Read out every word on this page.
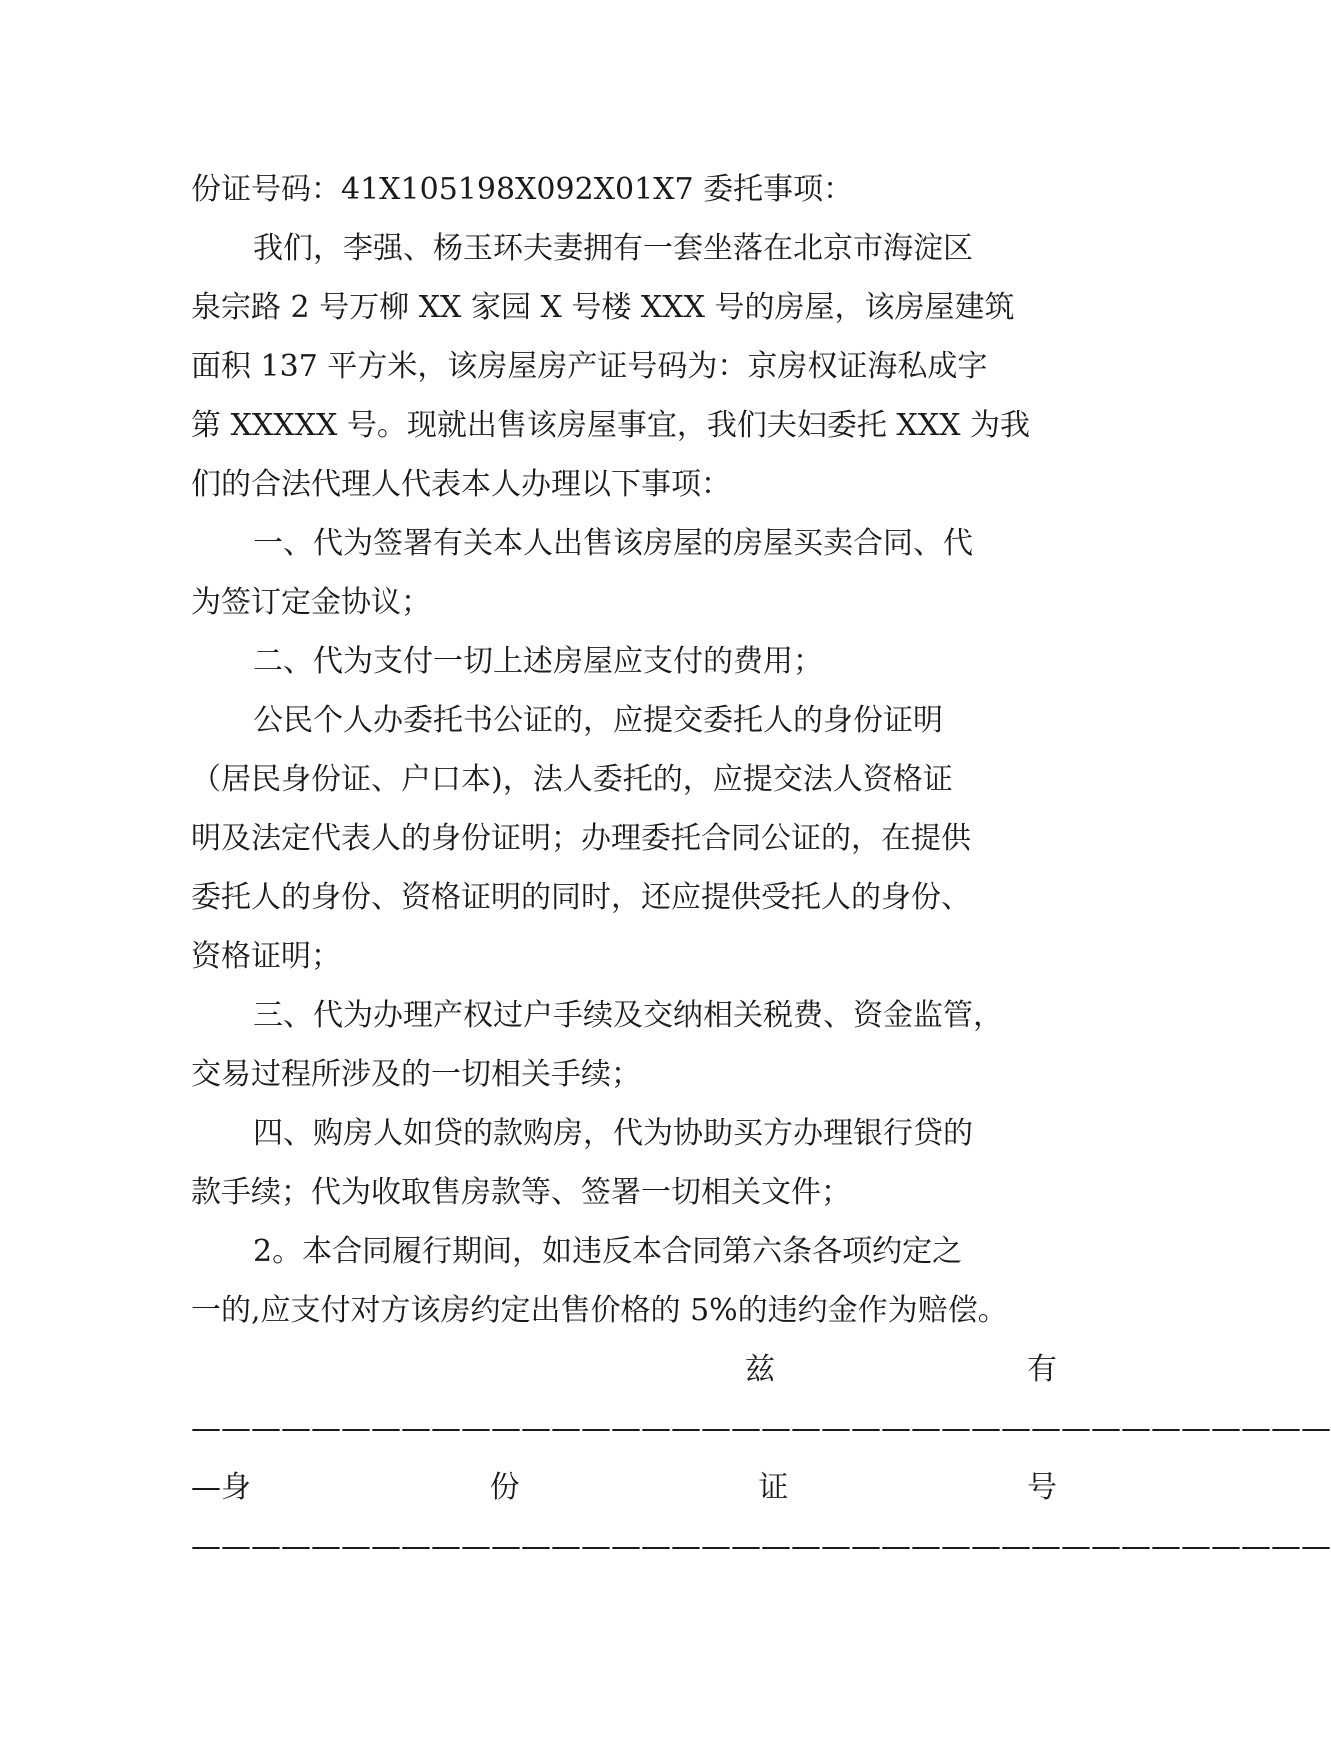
份证号码：41X105198X092X01X7 委托事项：
我们，李强、杨玉环夫妻拥有一套坐落在北京市海淀区
泉宗路 2 号万柳 XX 家园 X 号楼 XXX 号的房屋，该房屋建筑
面积 137 平方米，该房屋房产证号码为：京房权证海私成字
第 XXXXX 号。现就出售该房屋事宜，我们夫妇委托 XXX 为我
们的合法代理人代表本人办理以下事项：
一、代为签署有关本人出售该房屋的房屋买卖合同、代
为签订定金协议；
二、代为支付一切上述房屋应支付的费用；
公民个人办委托书公证的，应提交委托人的身份证明
（居民身份证、户口本)，法人委托的，应提交法人资格证
明及法定代表人的身份证明；办理委托合同公证的，在提供
委托人的身份、资格证明的同时，还应提供受托人的身份、
资格证明；
三、代为办理产权过户手续及交纳相关税费、资金监管，
交易过程所涉及的一切相关手续；
四、购房人如贷的款购房，代为协助买方办理银行贷的
款手续；代为收取售房款等、签署一切相关文件；
2。本合同履行期间，如违反本合同第六条各项约定之
一的,应支付对方该房约定出售价格的 5%的违约金作为赔偿。
兹	有
——————————————————————————————————————
—身	份	证	号
——————————————————————————————————————
